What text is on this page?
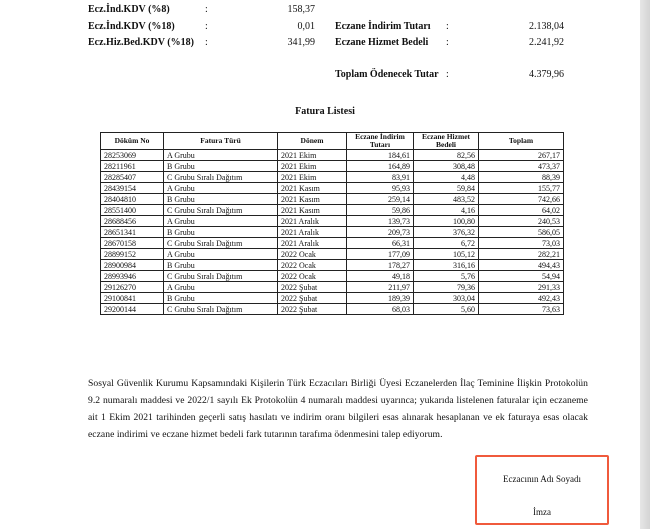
Ecz.İnd.KDV (%8)	:	158,37
Ecz.İnd.KDV (%18)	:	0,01
Ecz.Hiz.Bed.KDV (%18) :	341,99
Eczane İndirim Tutarı :	2.138,04
Eczane Hizmet Bedeli :	2.241,92
Toplam Ödenecek Tutar :	4.379,96
Fatura Listesi
Döküm No	Fatura Türü	Dönem	Eczane İndirim Tutarı	Eczane Hizmet Bedeli	Toplam
28253069	A Grubu	2021 Ekim	184,61	82,56	267,17
28211961	B Grubu	2021 Ekim	164,89	308,48	473,37
28285407	C Grubu Sıralı Dağıtım	2021 Ekim	83,91	4,48	88,39
28439154	A Grubu	2021 Kasım	95,93	59,84	155,77
28404810	B Grubu	2021 Kasım	259,14	483,52	742,66
28551400	C Grubu Sıralı Dağıtım	2021 Kasım	59,86	4,16	64,02
28688456	A Grubu	2021 Aralık	139,73	100,80	240,53
28651341	B Grubu	2021 Aralık	209,73	376,32	586,05
28670158	C Grubu Sıralı Dağıtım	2021 Aralık	66,31	6,72	73,03
28899152	A Grubu	2022 Ocak	177,09	105,12	282,21
28900984	B Grubu	2022 Ocak	178,27	316,16	494,43
28993946	C Grubu Sıralı Dağıtım	2022 Ocak	49,18	5,76	54,94
29126270	A Grubu	2022 Şubat	211,97	79,36	291,33
29100841	B Grubu	2022 Şubat	189,39	303,04	492,43
29200144	C Grubu Sıralı Dağıtım	2022 Şubat	68,03	5,60	73,63
Sosyal Güvenlik Kurumu Kapsamındaki Kişilerin Türk Eczacıları Birliği Üyesi Eczanelerden İlaç Teminine İlişkin Protokolün 9.2 numaralı maddesi ve 2022/1 sayılı Ek Protokolün 4 numaralı maddesi uyarınca; yukarıda listelenen faturalar için eczaneme ait 1 Ekim 2021 tarihinden geçerli satış hasılatı ve indirim oranı bilgileri esas alınarak hesaplanan ve ek faturaya esas olacak eczane indirimi ve eczane hizmet bedeli fark tutarının tarafıma ödenmesini talep ediyorum.
Eczacının Adı Soyadı
İmza
